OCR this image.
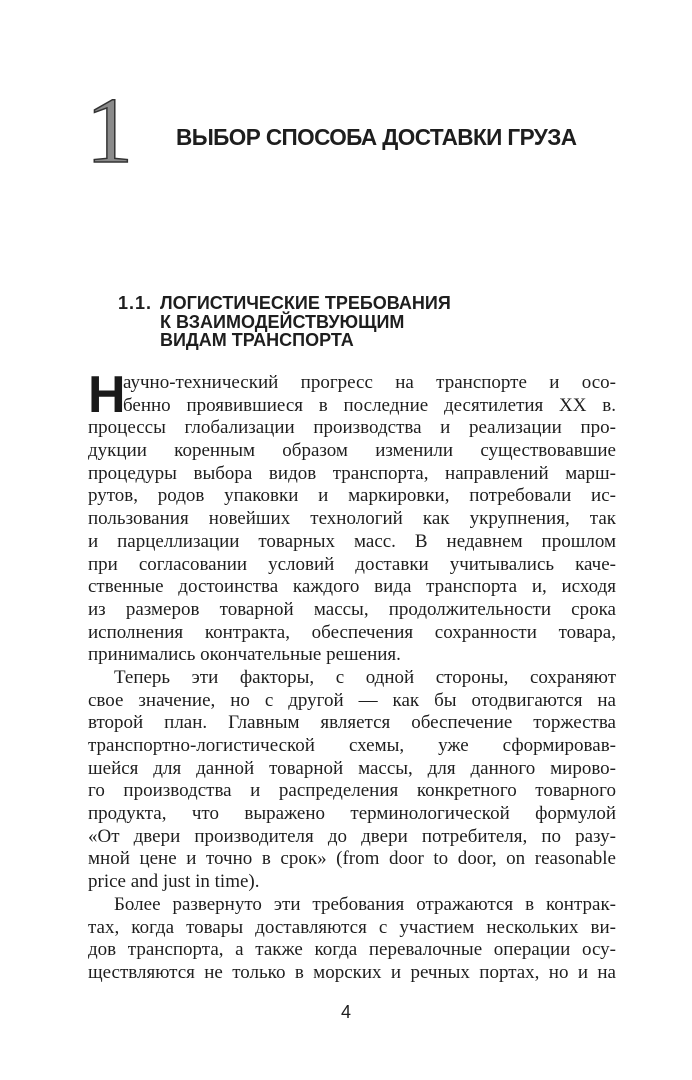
1 ВЫБОР СПОСОБА ДОСТАВКИ ГРУЗА
1.1. ЛОГИСТИЧЕСКИЕ ТРЕБОВАНИЯ
К ВЗАИМОДЕЙСТВУЮЩИМ
ВИДАМ ТРАНСПОРТА
Н
аучно-технический прогресс на транспорте и осо-
бенно проявившиеся в последние десятилетия XX в.
процессы глобализации производства и реализации про-
дукции коренным образом изменили существовавшие
процедуры выбора видов транспорта, направлений марш-
рутов, родов упаковки и маркировки, потребовали ис-
пользования новейших технологий как укрупнения, так
и парцеллизации товарных масс. В недавнем прошлом
при согласовании условий доставки учитывались каче-
ственные достоинства каждого вида транспорта и, исходя
из размеров товарной массы, продолжительности срока
исполнения контракта, обеспечения сохранности товара,
принимались окончательные решения.
Теперь эти факторы, с одной стороны, сохраняют
свое значение, но с другой — как бы отодвигаются на
второй план. Главным является обеспечение торжества
транспортно-логистической схемы, уже сформировав-
шейся для данной товарной массы, для данного мирово-
го производства и распределения конкретного товарного
продукта, что выражено терминологической формулой
«От двери производителя до двери потребителя, по разу-
мной цене и точно в срок» (from door to door, on reasonable
price and just in time).
Более развернуто эти требования отражаются в контрак-
тах, когда товары доставляются с участием нескольких ви-
дов транспорта, а также когда перевалочные операции осу-
ществляются не только в морских и речных портах, но и на
4
